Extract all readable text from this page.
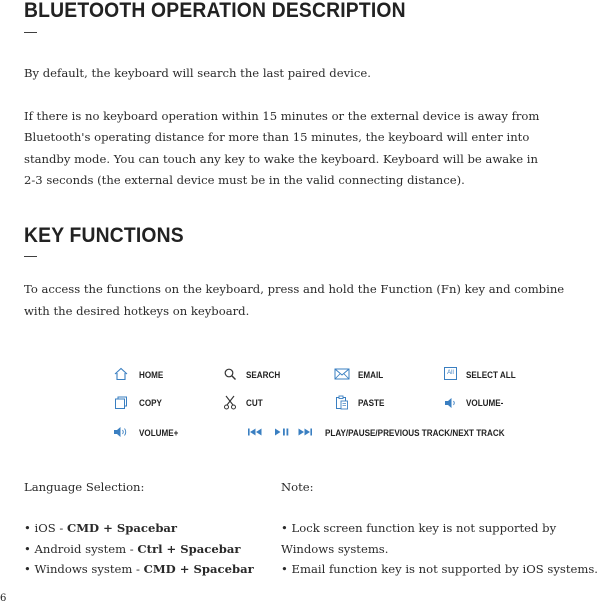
BLUETOOTH OPERATION DESCRIPTION
—

By default, the keyboard will search the last paired device.

If there is no keyboard operation within 15 minutes or the external device is away from

Bluetooth's operating distance for more than 15 minutes, the keyboard will enter into

standby mode. You can touch any key to wake the keyboard. Keyboard will be awake in

2-3 seconds (the external device must be in the valid connecting distance).

KEY FUNCTIONS
—

To access the functions on the keyboard, press and hold the Function (Fn) key and combine

with the desired hotkeys on keyboard.

HOME	SEARCH	EMAIL	All	SELECT ALL
COPY	CUT	PASTE	VOLUME-
VOLUME+	PLAY/PAUSE/PREVIOUS TRACK/NEXT TRACK

Language Selection:

• iOS - CMD + Spacebar

• Android system - Ctrl + Spacebar

• Windows system - CMD + Spacebar

Note:

• Lock screen function key is not supported by

Windows systems.

• Email function key is not supported by iOS systems.

6
